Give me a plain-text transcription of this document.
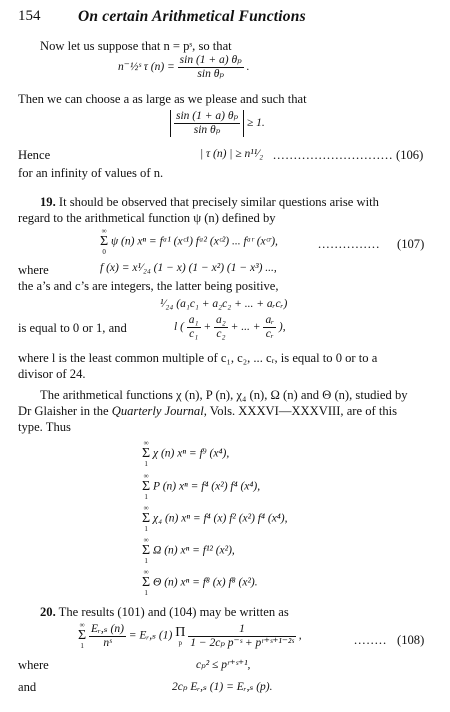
154 On certain Arithmetical Functions
Now let us suppose that n = pˢ, so that
n⁻½ˢ τ $(n) = \frac{\text{sin (1 + a) θₚ}}{\text{sin θₚ}}$ .
Then we can choose a as large as we please and such that
$\frac{\text{sin (1 + a) θₚ}}{\text{sin θₚ}} \ge 1$.
Hence	| τ (n) | ≥ n¹¹⁄₂ ............................. (106)
for an infinity of values of n.
19. It should be observed that precisely similar questions arise with
regard to the arithmetical function ψ (n) defined by
∞
Σ
0
ψ (n) xⁿ = fᵃ¹ (xᶜ¹) fᵃ² (xᶜ²) ... fᵃʳ (xᶜʳ),	............... (107)
where	f (x) = x¹⁄₂₄ (1 − x) (1 − x²) (1 − x³) ...,
the a’s and c’s are integers, the latter being positive,
¹⁄₂₄ (a₁c₁ + a₂c₂ + ... + aᵣcᵣ)
is equal to 0 or 1, and	l ( $\frac{\text{a₁}}{\text{c₁}} + \frac{\text{a₂}}{\text{c₂}}$ + ... + $\frac{\text{aᵣ}}{\text{cᵣ}}$ ),
where l is the least common multiple of c₁, c₂, ... cᵣ, is equal to 0 or to a
divisor of 24.
The arithmetical functions χ (n), P (n), χ₄ (n), Ω (n) and Θ (n), studied by
Dr Glaisher in the Quarterly Journal, Vols. XXXVI—XXXVIII, are of this
type. Thus
∞
Σ
1
χ (n) xⁿ = f⁹ (x⁴),
∞
Σ
1
P (n) xⁿ = f⁴ (x²) f⁴ (x⁴),
∞
Σ
1
χ₄ (n) xⁿ = f⁴ (x) f² (x²) f⁴ (x⁴),
∞
Σ
1
Ω (n) xⁿ = f¹² (x²),
∞
Σ
1
Θ (n) xⁿ = f⁸ (x) f⁸ (x²).
20. The results (101) and (104) may be written as
∞
Σ
1
$\frac{\text{Eᵣ,ₛ (n)}}{\text{nˢ}}$ = Eᵣ,ₛ (1) Π
p
$\frac{1}{\text{1 − 2cₚ p⁻ˢ + pʳ⁺ˢ⁺¹⁻²ˢ}}$ ,	........ (108)
where	cₚ² ≤ pʳ⁺ˢ⁺¹,
and	2cₚ Eᵣ,ₛ (1) = Eᵣ,ₛ (p).
